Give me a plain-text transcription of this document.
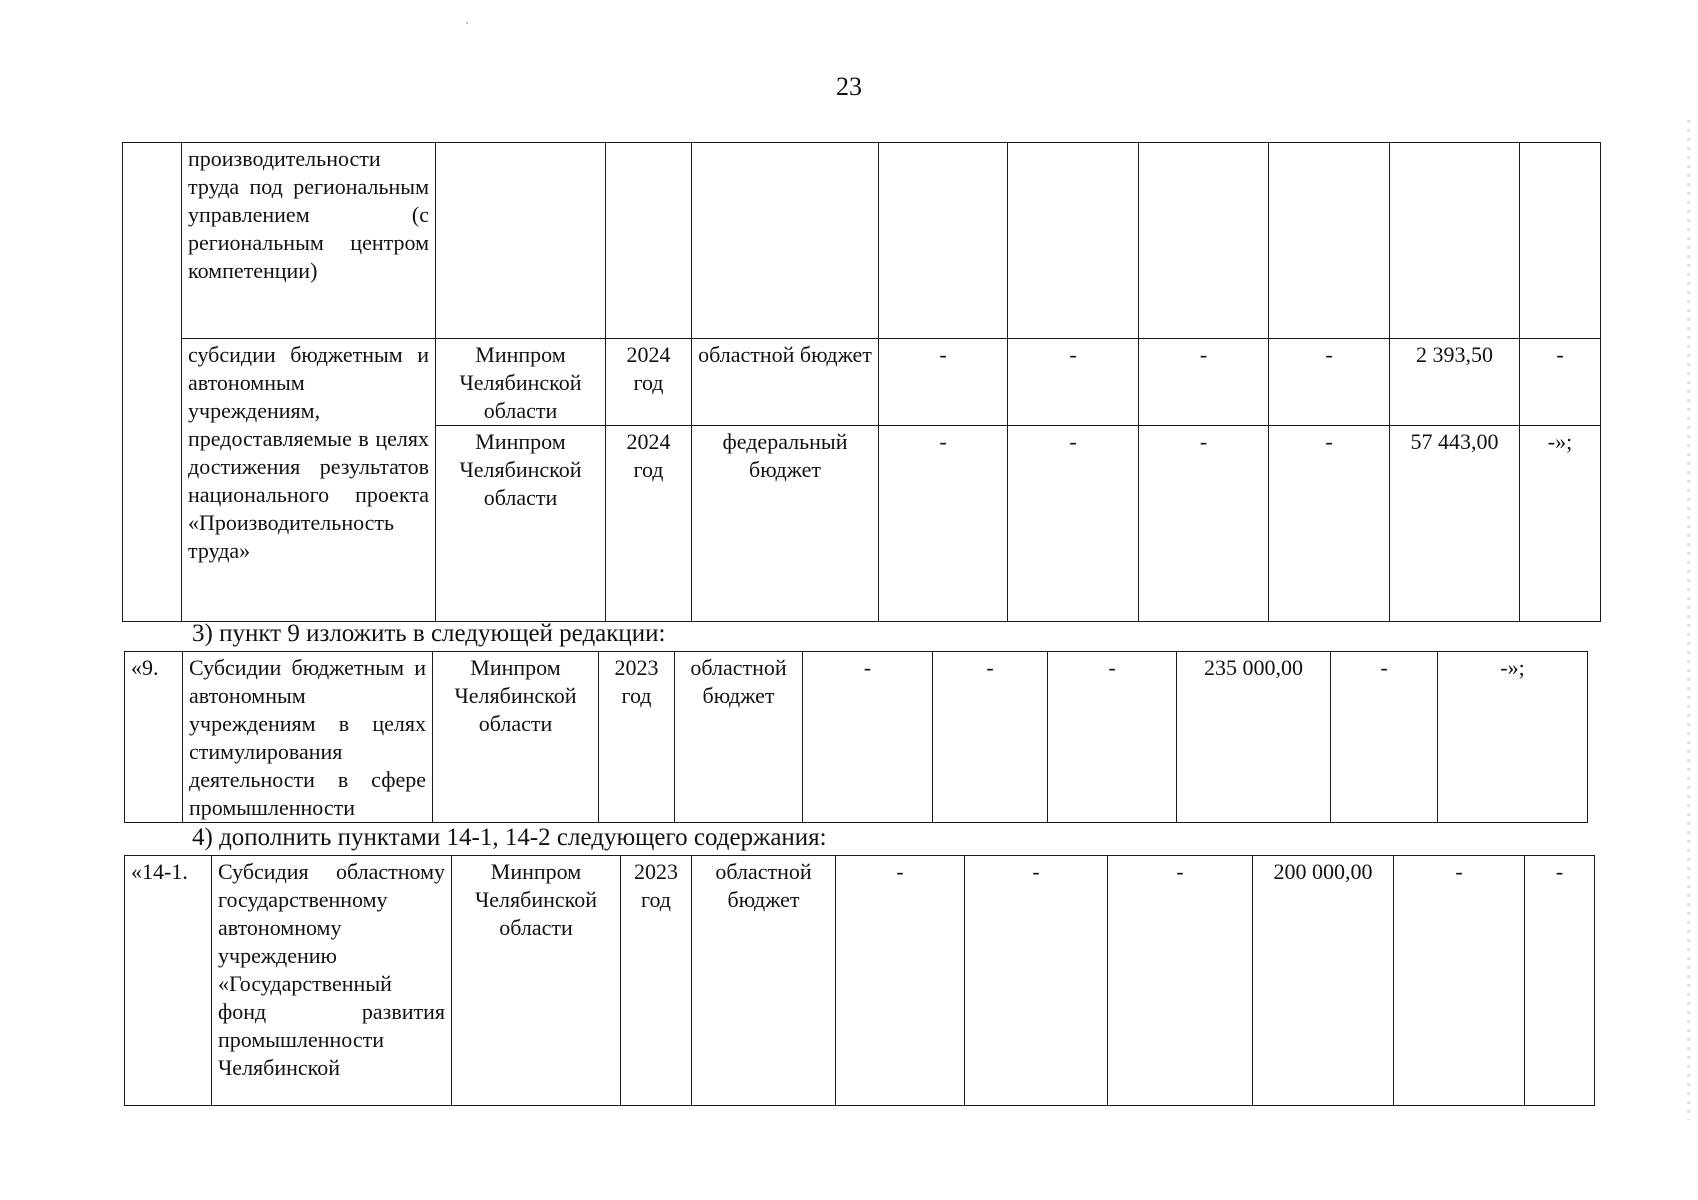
23
	производительности труда под региональным управлением (с региональным центром компетенции)									
	субсидии бюджетным и автономным учреждениям, предоставляемые в целях достижения результатов национального проекта «Производительность труда»	Минпром Челябинской области	2024 год	областной бюджет	-	-	-	-	2 393,50	-
		Минпром Челябинской области	2024 год	федеральный бюджет	-	-	-	-	57 443,00	-»;
3) пункт 9 изложить в следующей редакции:
«9.	Субсидии бюджетным и автономным учреждениям в целях стимулирования деятельности в сфере промышленности	Минпром Челябинской области	2023 год	областной бюджет	-	-	-	235 000,00	-	-»;
4) дополнить пунктами 14-1, 14-2 следующего содержания:
«14-1.	Субсидия областному государственному автономному учреждению «Государственный фонд развития промышленности Челябинской	Минпром Челябинской области	2023 год	областной бюджет	-	-	-	200 000,00	-	-
